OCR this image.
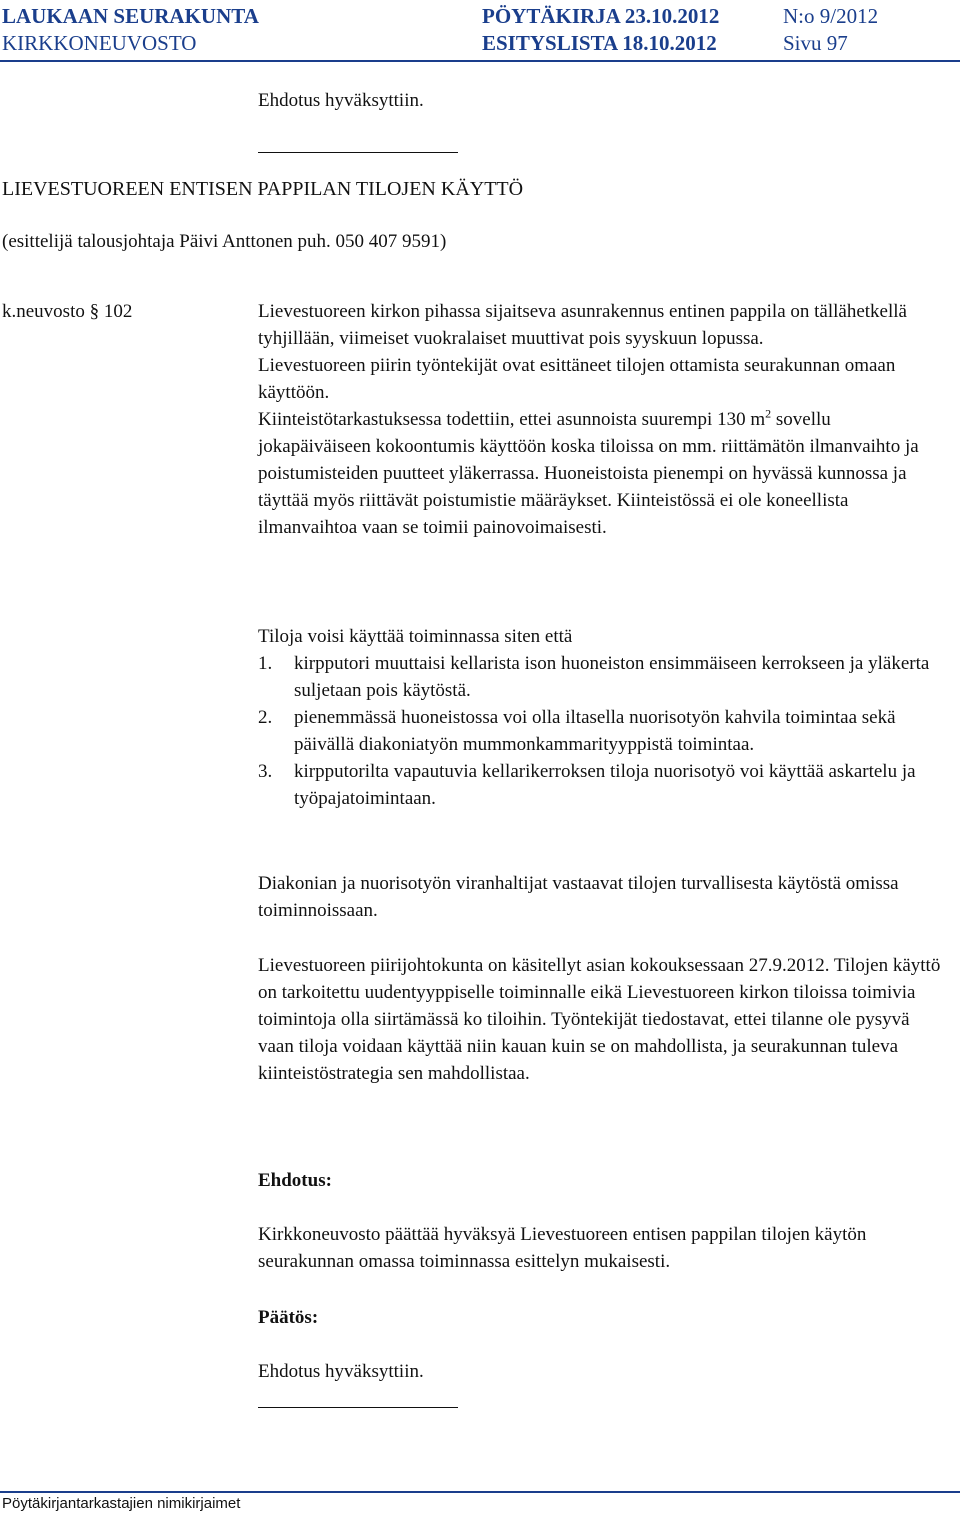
LAUKAAN SEURAKUNTA	PÖYTÄKIRJA 23.10.2012	N:o 9/2012
KIRKKONEUVOSTO	ESITYSLISTA 18.10.2012	Sivu 97
Ehdotus hyväksyttiin.
LIEVESTUOREEN ENTISEN PAPPILAN TILOJEN KÄYTTÖ
(esittelijä talousjohtaja Päivi Anttonen puh. 050 407 9591)
k.neuvosto § 102	Lievestuoreen kirkon pihassa sijaitseva asunrakennus entinen pappila on tällähetkellä tyhjillään, viimeiset vuokralaiset muuttivat pois syyskuun lopussa.

Lievestuoreen piirin työntekijät ovat esittäneet tilojen ottamista seurakunnan omaan käyttöön.

Kiinteistötarkastuksessa todettiin, ettei asunnoista suurempi 130 $m^2$ sovellu jokapäiväiseen kokoontumis käyttöön koska tiloissa on mm. riittämätön ilmanvaihto ja poistumisteiden puutteet yläkerrassa. Huoneistoista pienempi on hyvässä kunnossa ja täyttää myös riittävät poistumistie määräykset. Kiinteistössä ei ole koneellista ilmanvaihtoa vaan se toimii painovoimaisesti.

Tiloja voisi käyttää toiminnassa siten että
1. kirpputori muuttaisi kellarista ison huoneiston ensimmäiseen kerrokseen ja yläkerta suljetaan pois käytöstä.
2. pienemmässä huoneistossa voi olla iltasella nuorisotyön kahvila toimintaa sekä päivällä diakoniatyön mummonkammarityyppistä toimintaa.
3. kirpputorilta vapautuvia kellarikerroksen tiloja nuorisotyö voi käyttää askartelu ja työpajatoimintaan.
Diakonian ja nuorisotyön viranhaltijat vastaavat tilojen turvallisesta käytöstä omissa toiminnoissaan.
Lievestuoreen piirijohtokunta on käsitellyt asian kokouksessaan 27.9.2012. Tilojen käyttö on tarkoitettu uudentyyppiselle toiminnalle eikä Lievestuoreen kirkon tiloissa toimivia toimintoja olla siirtämässä ko tiloihin. Työntekijät tiedostavat, ettei tilanne ole pysyvä vaan tiloja voidaan käyttää niin kauan kuin se on mahdollista, ja seurakunnan tuleva kiinteistöstrategia sen mahdollistaa.
Ehdotus:
Kirkkoneuvosto päättää hyväksyä Lievestuoreen entisen pappilan tilojen käytön seurakunnan omassa toiminnassa esittelyn mukaisesti.
Päätös:
Ehdotus hyväksyttiin.
Pöytäkirjantarkastajien nimikirjaimet
